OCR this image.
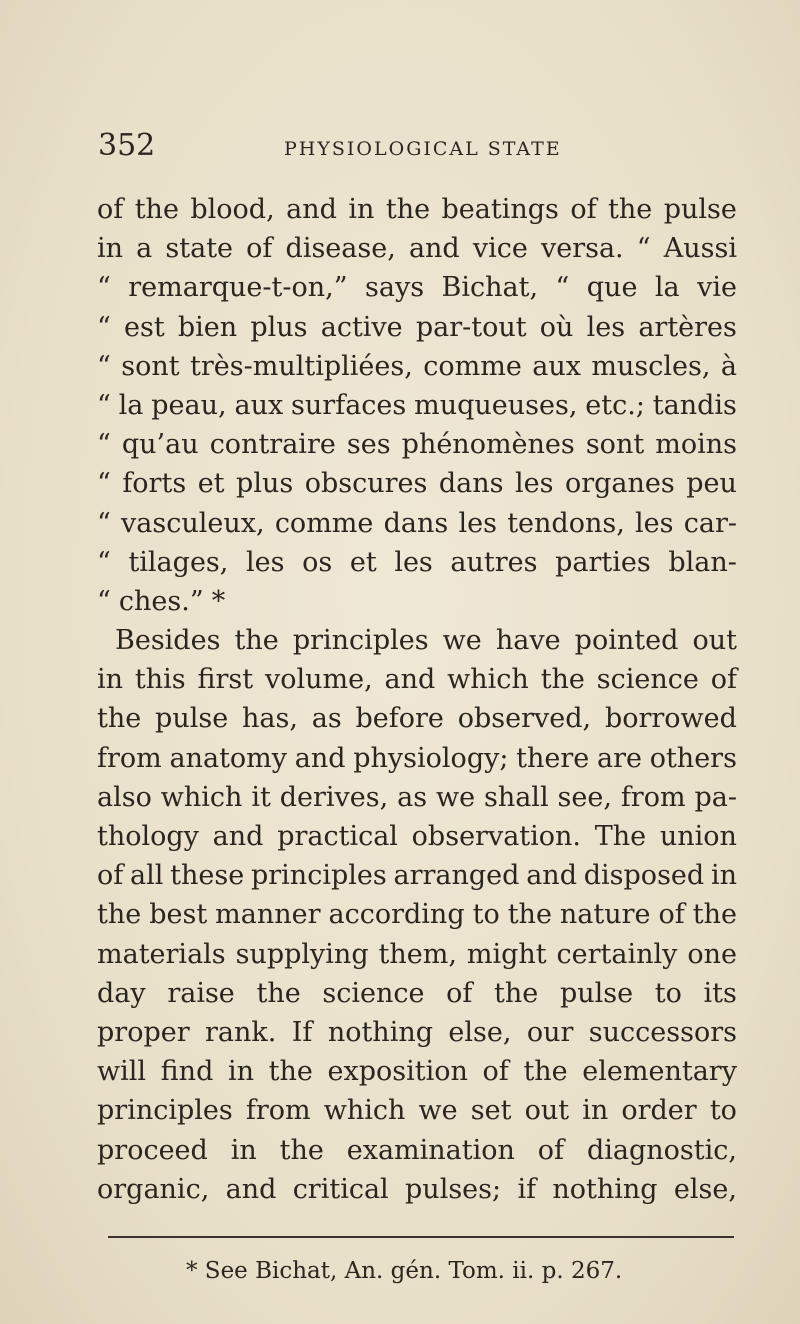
352	PHYSIOLOGICAL STATE
of the blood, and in the beatings of the pulse
in a state of disease, and vice versa. “ Aussi
“ remarque-t-on,” says Bichat, “ que la vie
“ est bien plus active par-tout où les artères
“ sont très-multipliées, comme aux muscles, à
“ la peau, aux surfaces muqueuses, etc.; tandis
“ qu’au contraire ses phénomènes sont moins
“ forts et plus obscures dans les organes peu
“ vasculeux, comme dans les tendons, les car-
“ tilages, les os et les autres parties blan-
“ ches.” *
Besides the principles we have pointed out
in this first volume, and which the science of
the pulse has, as before observed, borrowed
from anatomy and physiology; there are others
also which it derives, as we shall see, from pa-
thology and practical observation. The union
of all these principles arranged and disposed in
the best manner according to the nature of the
materials supplying them, might certainly one
day raise the science of the pulse to its
proper rank. If nothing else, our successors
will find in the exposition of the elementary
principles from which we set out in order to
proceed in the examination of diagnostic,
organic, and critical pulses; if nothing else,
* See Bichat, An. gén. Tom. ii. p. 267.
